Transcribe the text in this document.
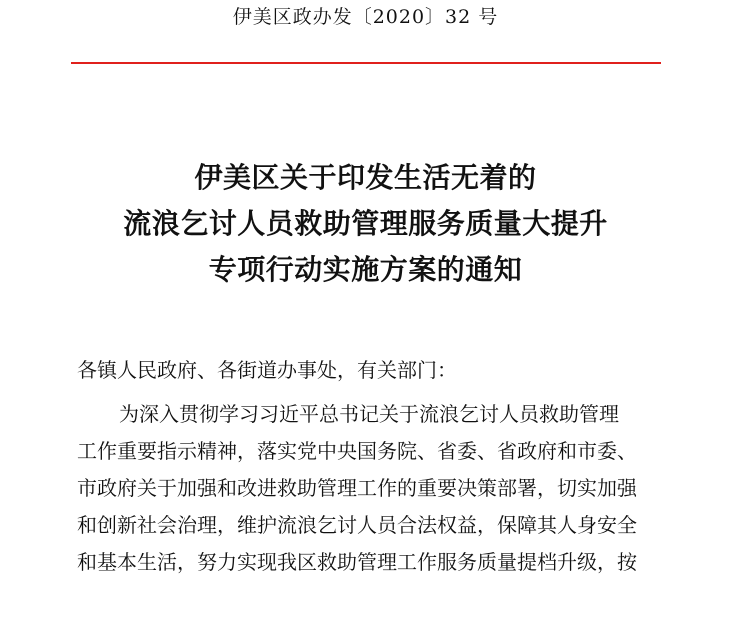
伊美区政办发〔2020〕32 号
伊美区关于印发生活无着的
流浪乞讨人员救助管理服务质量大提升
专项行动实施方案的通知
各镇人民政府、各街道办事处，有关部门：
为深入贯彻学习习近平总书记关于流浪乞讨人员救助管理
工作重要指示精神，落实党中央国务院、省委、省政府和市委、
市政府关于加强和改进救助管理工作的重要决策部署，切实加强
和创新社会治理，维护流浪乞讨人员合法权益，保障其人身安全
和基本生活，努力实现我区救助管理工作服务质量提档升级，按
